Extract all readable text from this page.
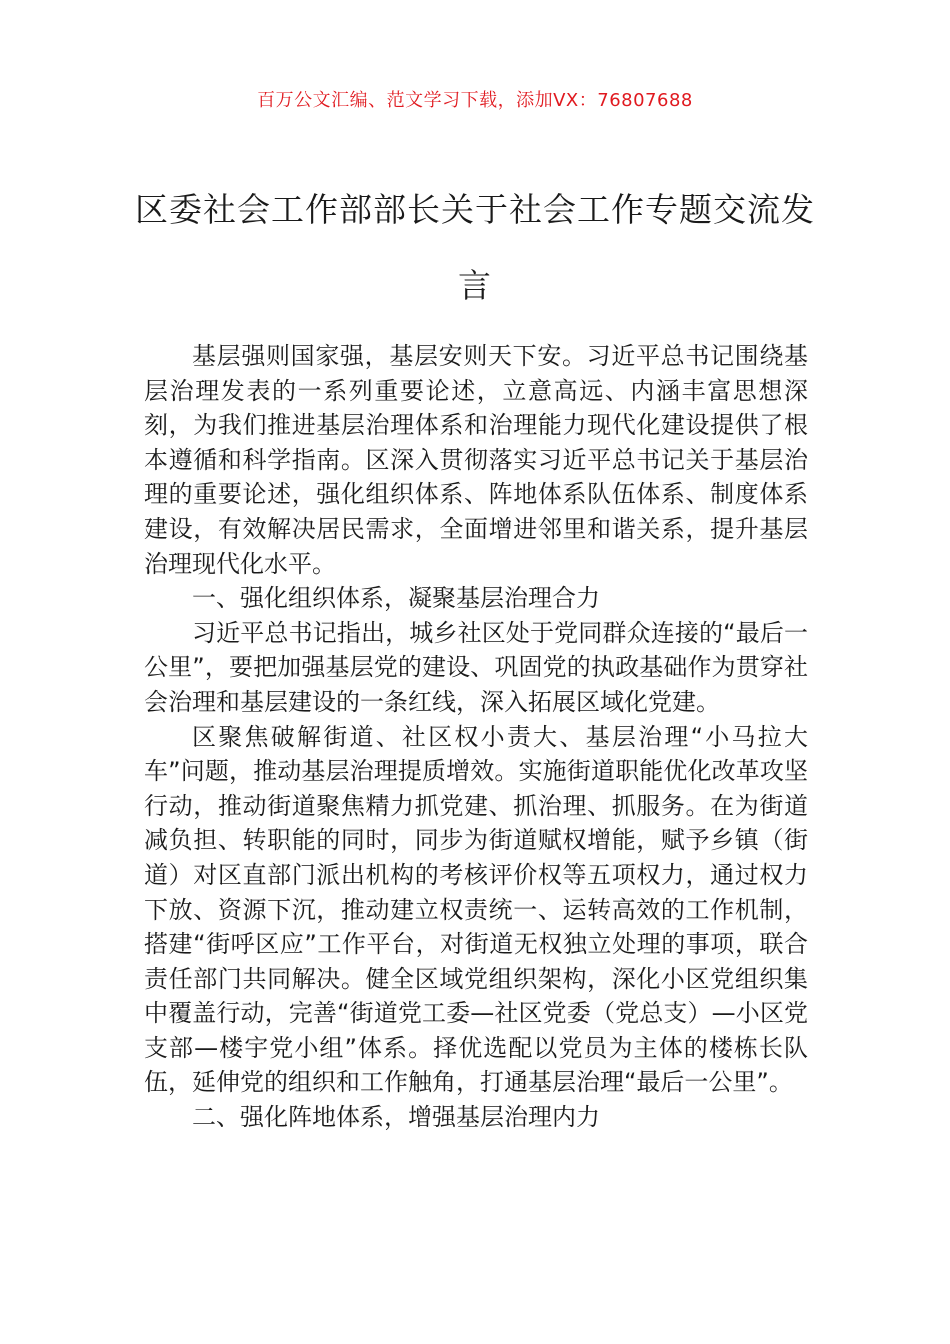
百万公文汇编、范文学习下载，添加VX：76807688
区委社会工作部部长关于社会工作专题交流发言

基层强则国家强，基层安则天下安。习近平总书记围绕基层治理发表的一系列重要论述，立意高远、内涵丰富思想深刻，为我们推进基层治理体系和治理能力现代化建设提供了根本遵循和科学指南。区深入贯彻落实习近平总书记关于基层治理的重要论述，强化组织体系、阵地体系队伍体系、制度体系建设，有效解决居民需求，全面增进邻里和谐关系，提升基层治理现代化水平。

一、强化组织体系，凝聚基层治理合力

习近平总书记指出，城乡社区处于党同群众连接的“最后一公里”，要把加强基层党的建设、巩固党的执政基础作为贯穿社会治理和基层建设的一条红线，深入拓展区域化党建。

区聚焦破解街道、社区权小责大、基层治理“小马拉大车”问题，推动基层治理提质增效。实施街道职能优化改革攻坚行动，推动街道聚焦精力抓党建、抓治理、抓服务。在为街道减负担、转职能的同时，同步为街道赋权增能，赋予乡镇（街道）对区直部门派出机构的考核评价权等五项权力，通过权力下放、资源下沉，推动建立权责统一、运转高效的工作机制，搭建“街呼区应”工作平台，对街道无权独立处理的事项，联合责任部门共同解决。健全区域党组织架构，深化小区党组织集中覆盖行动，完善“街道党工委—社区党委（党总支）—小区党支部—楼宇党小组”体系。择优选配以党员为主体的楼栋长队伍，延伸党的组织和工作触角，打通基层治理“最后一公里”。

二、强化阵地体系，增强基层治理内力
